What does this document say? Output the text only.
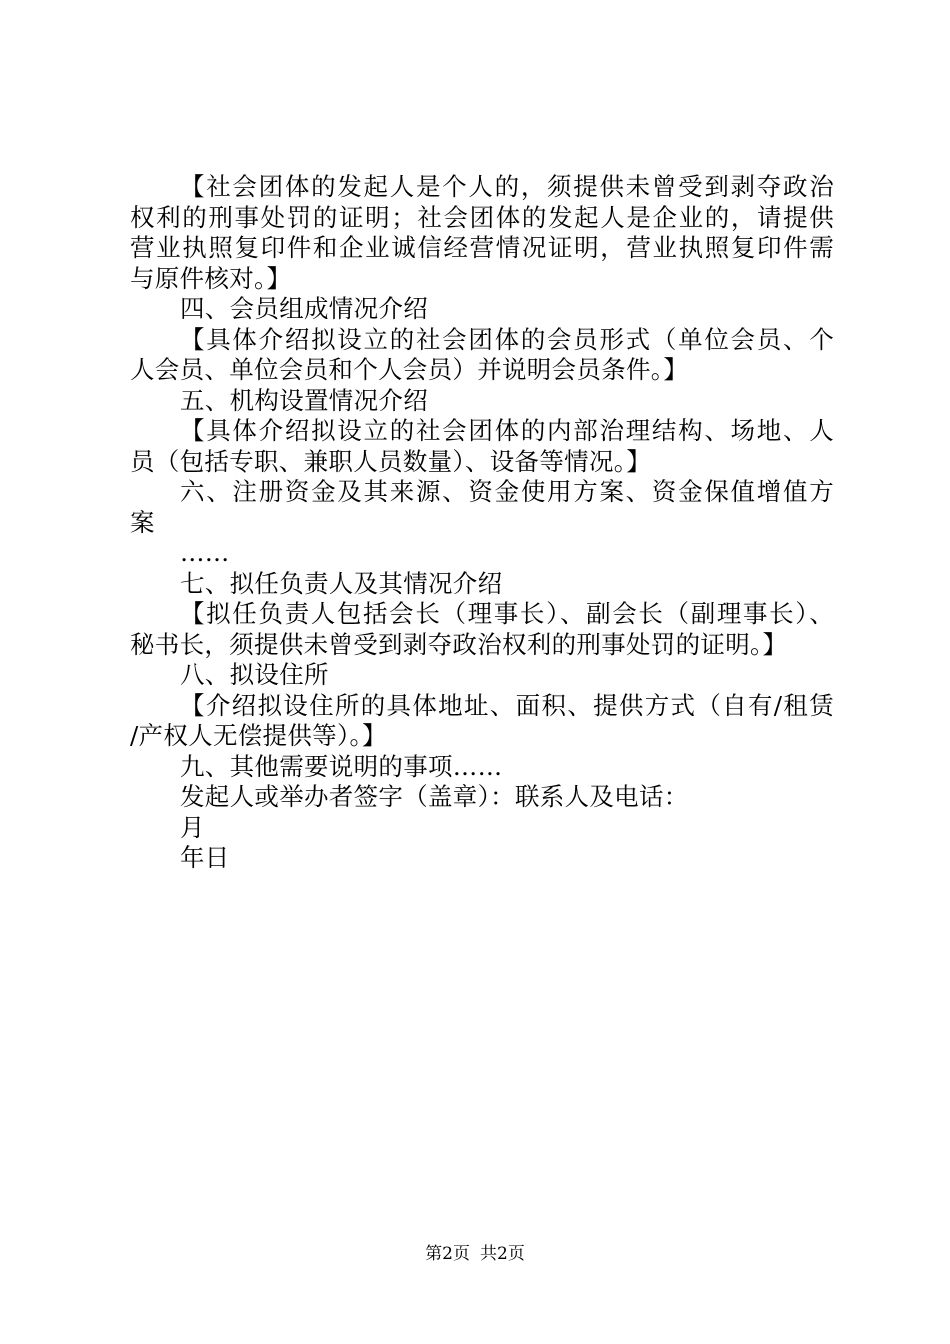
【社会团体的发起人是个人的，须提供未曾受到剥夺政治
权利的刑事处罚的证明；社会团体的发起人是企业的，请提供
营业执照复印件和企业诚信经营情况证明，营业执照复印件需
与原件核对。】
四、会员组成情况介绍
【具体介绍拟设立的社会团体的会员形式（单位会员、个
人会员、单位会员和个人会员）并说明会员条件。】
五、机构设置情况介绍
【具体介绍拟设立的社会团体的内部治理结构、场地、人
员（包括专职、兼职人员数量）、设备等情况。】
六、注册资金及其来源、资金使用方案、资金保值增值方
案
……
七、拟任负责人及其情况介绍
【拟任负责人包括会长（理事长）、副会长（副理事长）、
秘书长，须提供未曾受到剥夺政治权利的刑事处罚的证明。】
八、拟设住所
【介绍拟设住所的具体地址、面积、提供方式（自有/租赁
/产权人无偿提供等）。】
九、其他需要说明的事项……
发起人或举办者签字（盖章）：联系人及电话：
月
年日
第2页 共2页
